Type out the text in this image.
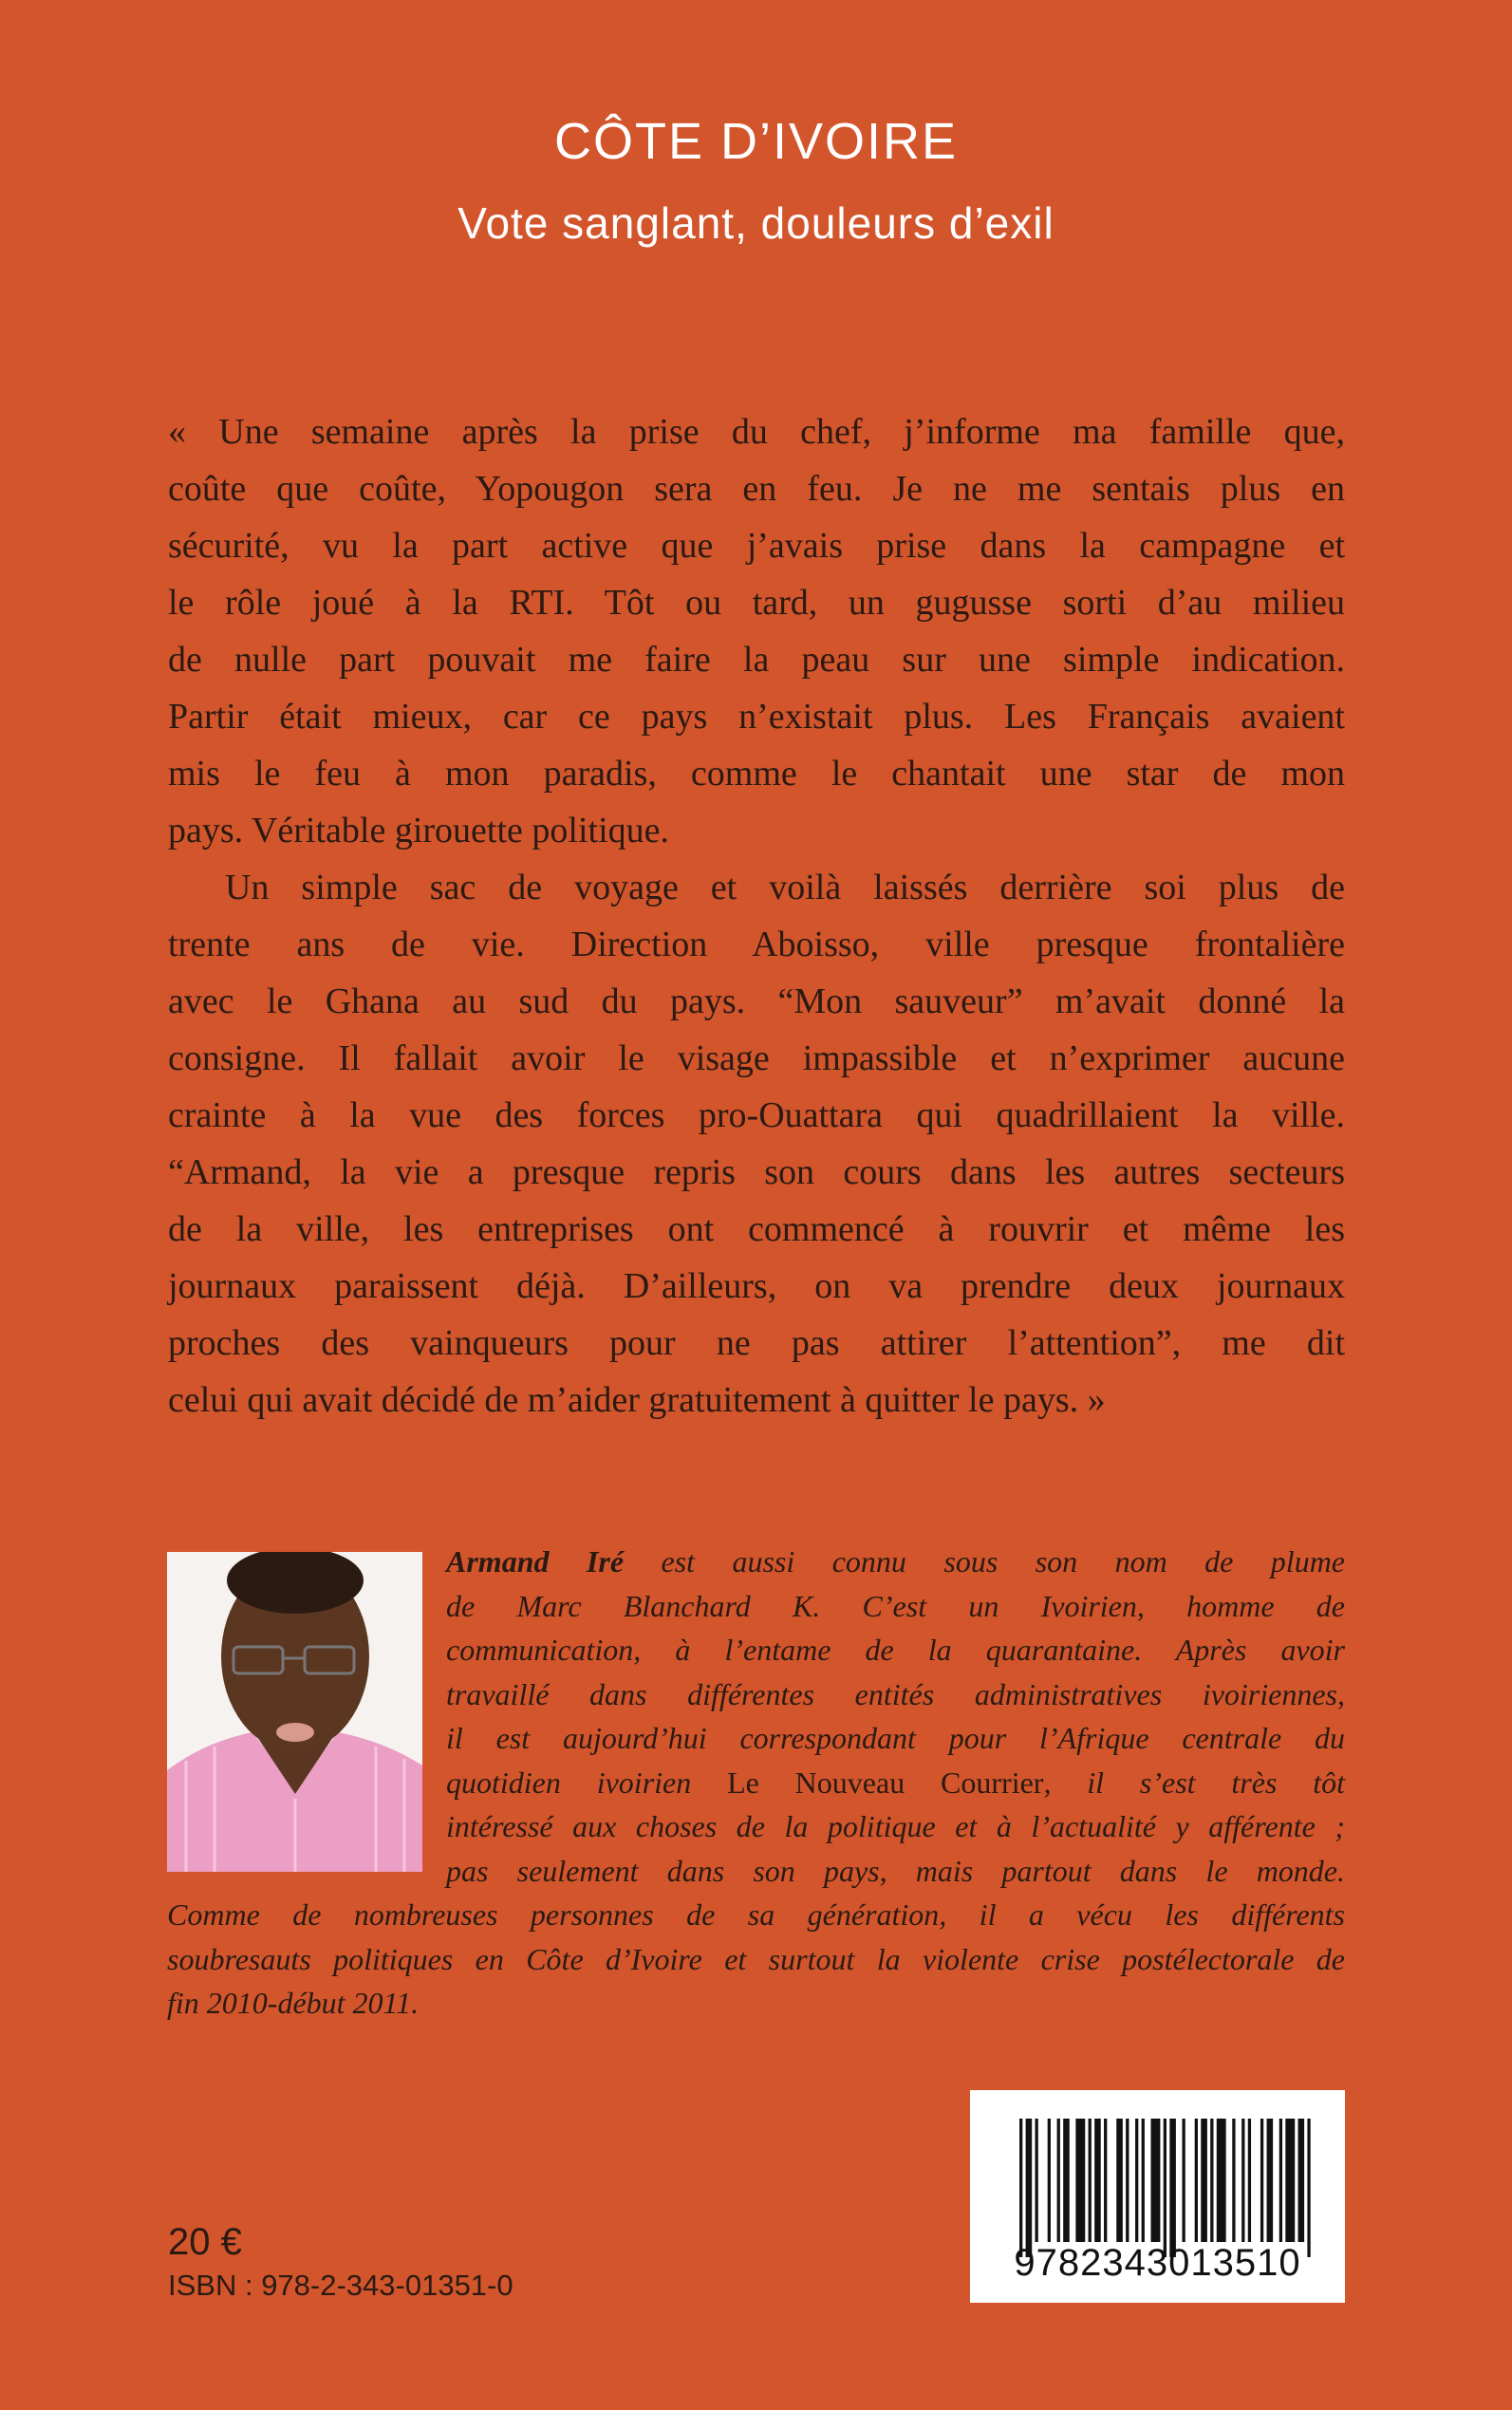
CÔTE D’IVOIRE
Vote sanglant, douleurs d’exil
« Une semaine après la prise du chef, j’informe ma famille que,
coûte que coûte, Yopougon sera en feu. Je ne me sentais plus en
sécurité, vu la part active que j’avais prise dans la campagne et
le rôle joué à la RTI. Tôt ou tard, un gugusse sorti d’au milieu
de nulle part pouvait me faire la peau sur une simple indication.
Partir était mieux, car ce pays n’existait plus. Les Français avaient
mis le feu à mon paradis, comme le chantait une star de mon
pays. Véritable girouette politique.
Un simple sac de voyage et voilà laissés derrière soi plus de
trente ans de vie. Direction Aboisso, ville presque frontalière
avec le Ghana au sud du pays. “Mon sauveur” m’avait donné la
consigne. Il fallait avoir le visage impassible et n’exprimer aucune
crainte à la vue des forces pro-Ouattara qui quadrillaient la ville.
“Armand, la vie a presque repris son cours dans les autres secteurs
de la ville, les entreprises ont commencé à rouvrir et même les
journaux paraissent déjà. D’ailleurs, on va prendre deux journaux
proches des vainqueurs pour ne pas attirer l’attention”, me dit
celui qui avait décidé de m’aider gratuitement à quitter le pays. »
Armand Iré est aussi connu sous son nom de plume
de Marc Blanchard K. C’est un Ivoirien, homme de
communication, à l’entame de la quarantaine. Après avoir
travaillé dans différentes entités administratives ivoiriennes,
il est aujourd’hui correspondant pour l’Afrique centrale du
quotidien ivoirien Le Nouveau Courrier, il s’est très tôt
intéressé aux choses de la politique et à l’actualité y afférente ;
pas seulement dans son pays, mais partout dans le monde.
Comme de nombreuses personnes de sa génération, il a vécu les différents
soubresauts politiques en Côte d’Ivoire et surtout la violente crise postélectorale de
fin 2010-début 2011.
20 €
ISBN : 978-2-343-01351-0
9782343013510
